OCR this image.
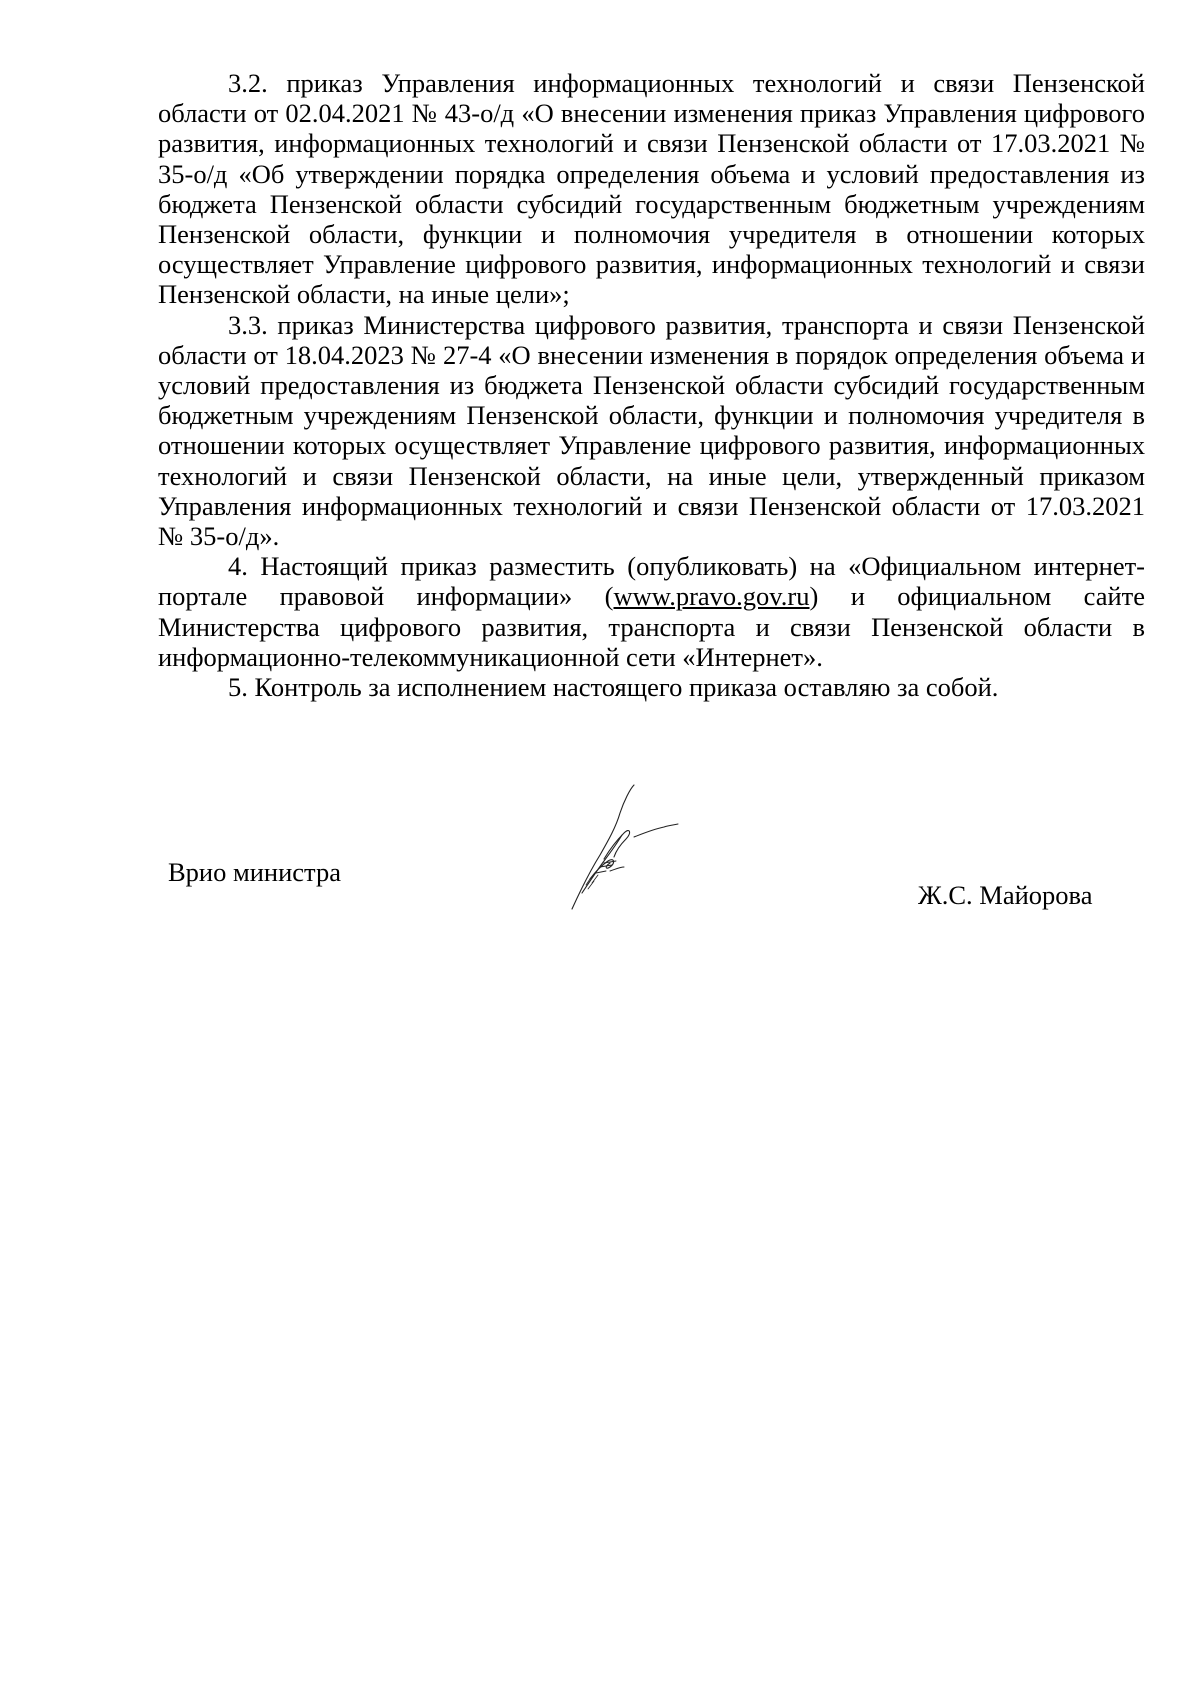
3.2. приказ Управления информационных технологий и связи Пензенской области от 02.04.2021 № 43-о/д «О внесении изменения приказ Управления цифрового развития, информационных технологий и связи Пензенской области от 17.03.2021 № 35-о/д «Об утверждении порядка определения объема и условий предоставления из бюджета Пензенской области субсидий государственным бюджетным учреждениям Пензенской области, функции и полномочия учредителя в отношении которых осуществляет Управление цифрового развития, информационных технологий и связи Пензенской области, на иные цели»;

3.3. приказ Министерства цифрового развития, транспорта и связи Пензенской области от 18.04.2023 № 27-4 «О внесении изменения в порядок определения объема и условий предоставления из бюджета Пензенской области субсидий государственным бюджетным учреждениям Пензенской области, функции и полномочия учредителя в отношении которых осуществляет Управление цифрового развития, информационных технологий и связи Пензенской области, на иные цели, утвержденный приказом Управления информационных технологий и связи Пензенской области от 17.03.2021 № 35-о/д».

4. Настоящий приказ разместить (опубликовать) на «Официальном интернет-портале правовой информации» (www.pravo.gov.ru) и официальном сайте Министерства цифрового развития, транспорта и связи Пензенской области в информационно-телекоммуникационной сети «Интернет».

5. Контроль за исполнением настоящего приказа оставляю за собой.

Врио министра
Ж.С. Майорова
